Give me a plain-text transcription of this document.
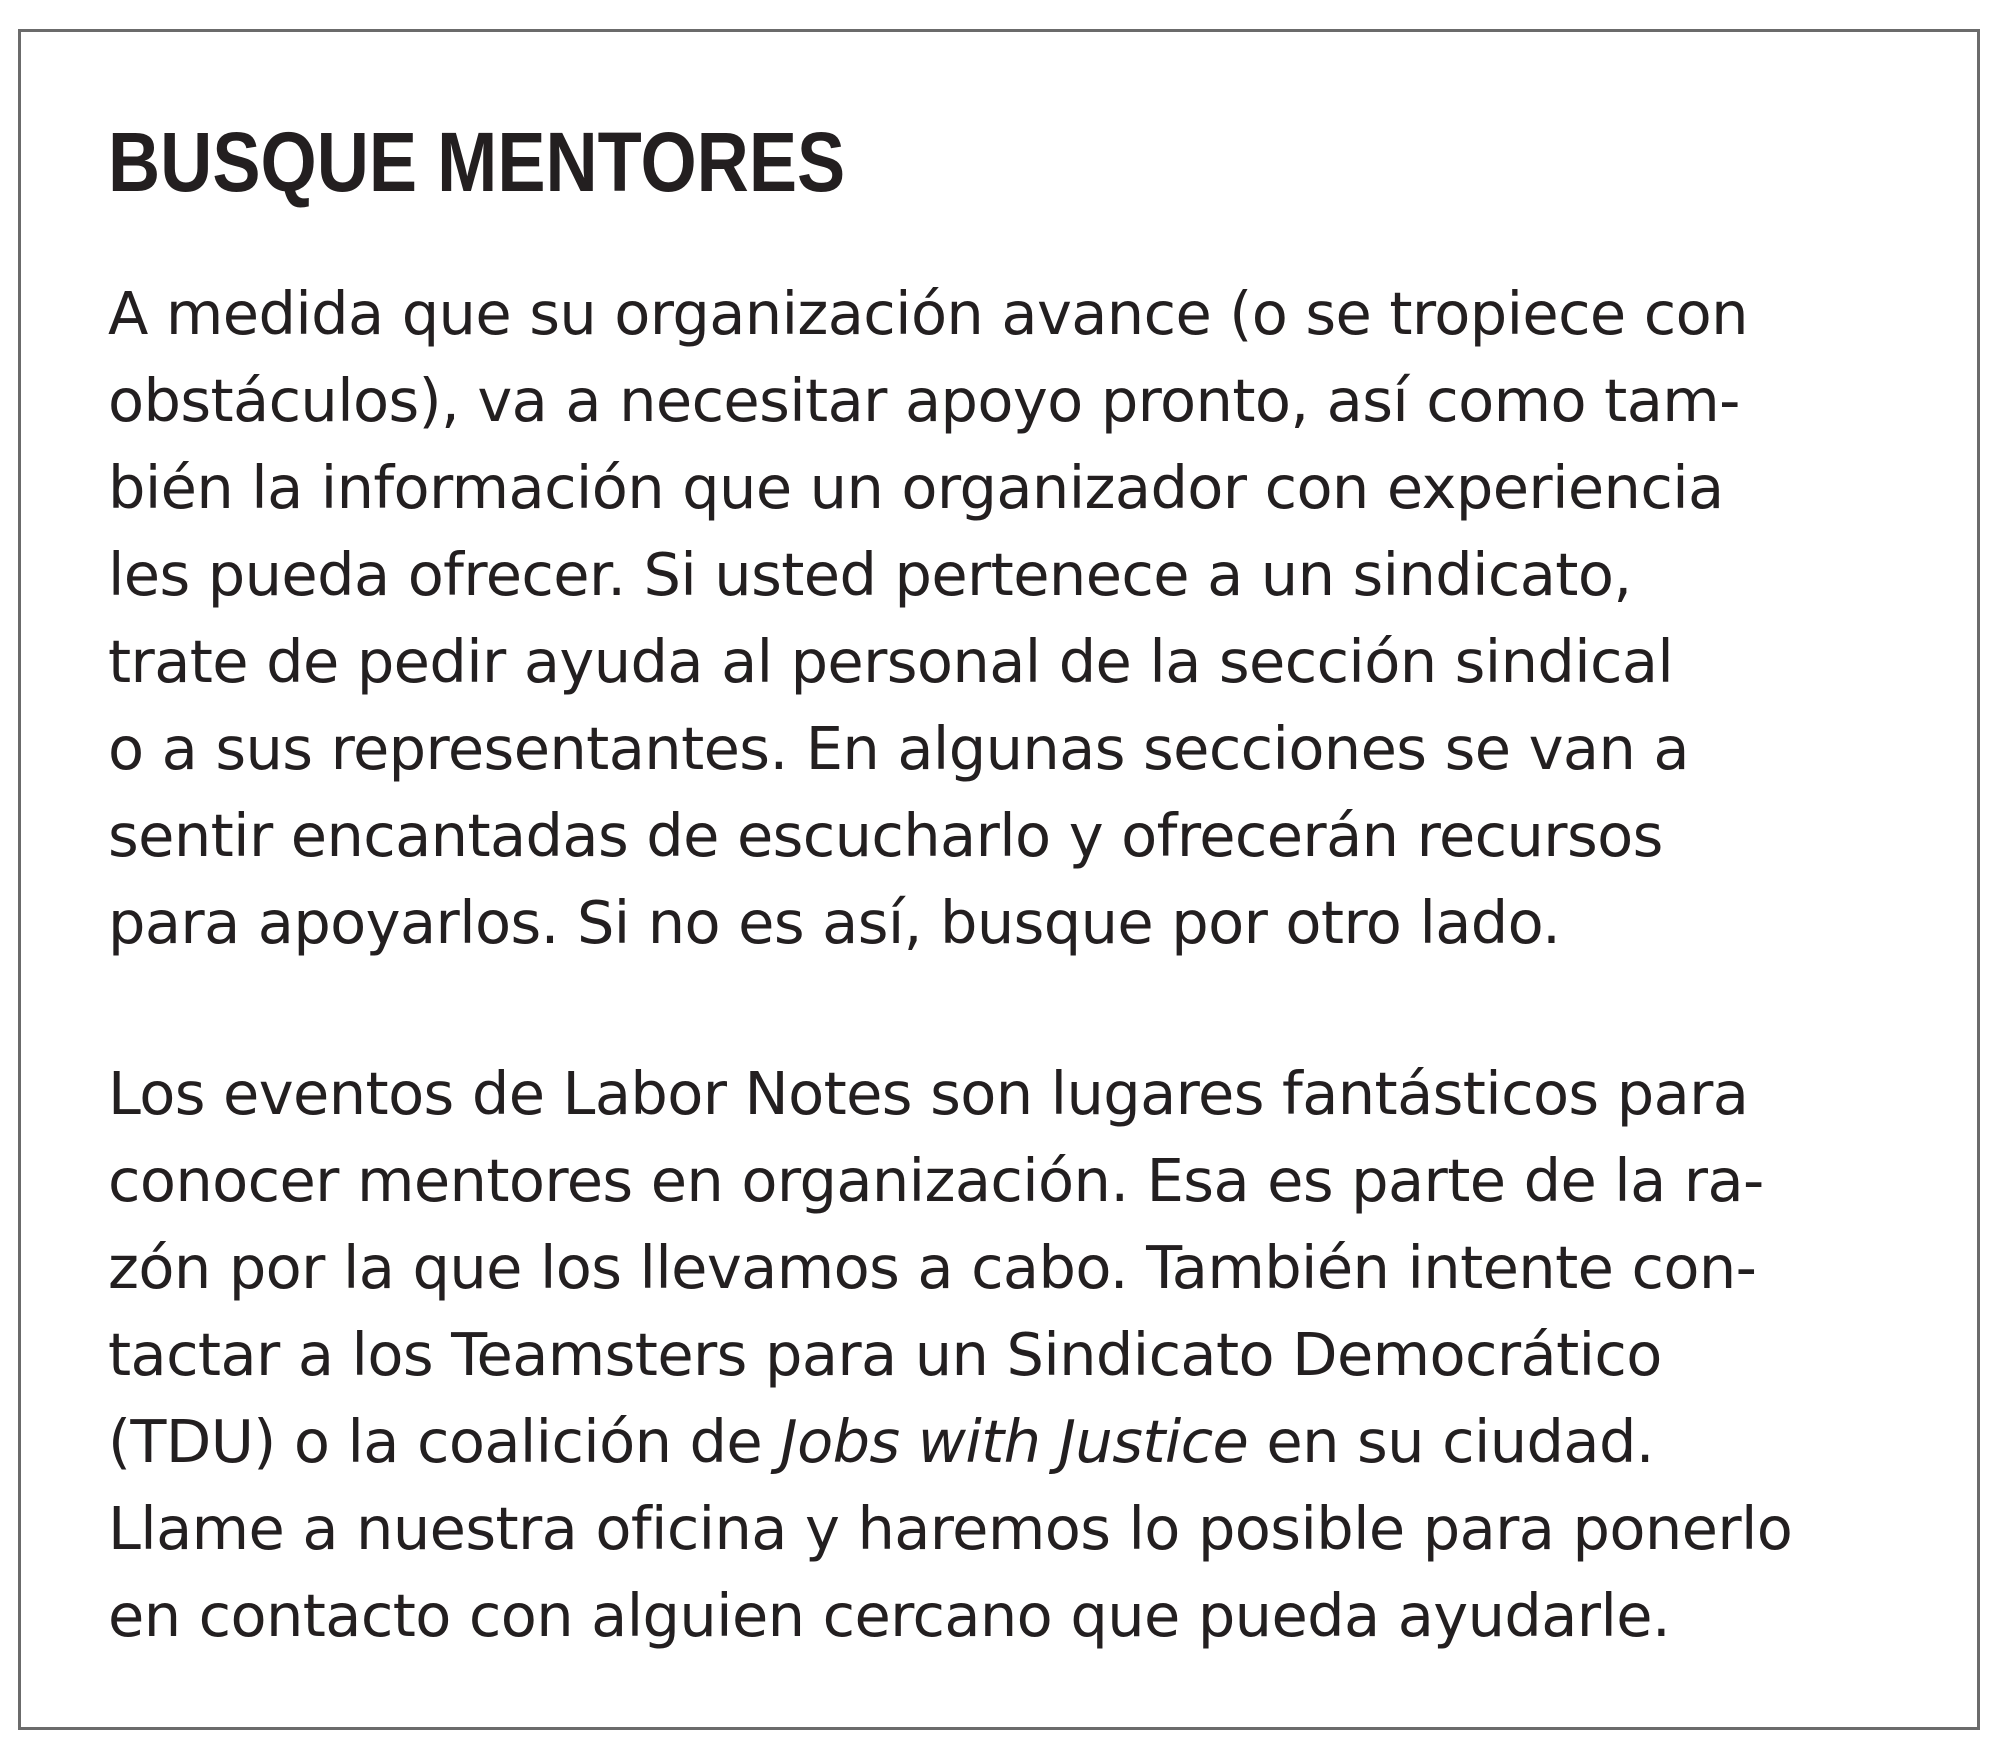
BUSQUE MENTORES

A medida que su organización avance (o se tropiece con
obstáculos), va a necesitar apoyo pronto, así como tam-
bién la información que un organizador con experiencia
les pueda ofrecer. Si usted pertenece a un sindicato,
trate de pedir ayuda al personal de la sección sindical
o a sus representantes. En algunas secciones se van a
sentir encantadas de escucharlo y ofrecerán recursos
para apoyarlos. Si no es así, busque por otro lado.

Los eventos de Labor Notes son lugares fantásticos para
conocer mentores en organización. Esa es parte de la ra-
zón por la que los llevamos a cabo. También intente con-
tactar a los Teamsters para un Sindicato Democrático
(TDU) o la coalición de Jobs with Justice en su ciudad.
Llame a nuestra oficina y haremos lo posible para ponerlo
en contacto con alguien cercano que pueda ayudarle.
